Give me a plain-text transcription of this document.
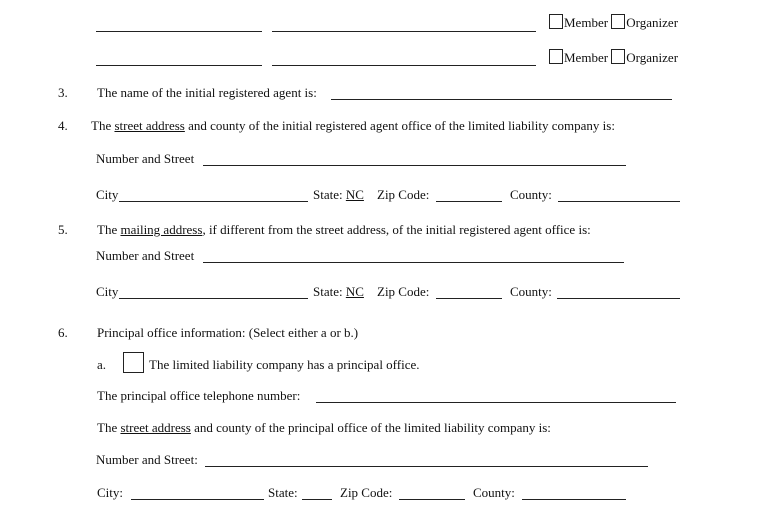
Member Organizer
Member Organizer
3. The name of the initial registered agent is:
4. The street address and county of the initial registered agent office of the limited liability company is:
Number and Street
City	State: NC Zip Code:	County:
5. The mailing address, if different from the street address, of the initial registered agent office is:
Number and Street
City	State: NC Zip Code:	County:
6. Principal office information: (Select either a or b.)
a.	The limited liability company has a principal office.
The principal office telephone number:
The street address and county of the principal office of the limited liability company is:
Number and Street:
City:	State:	Zip Code:	County:
